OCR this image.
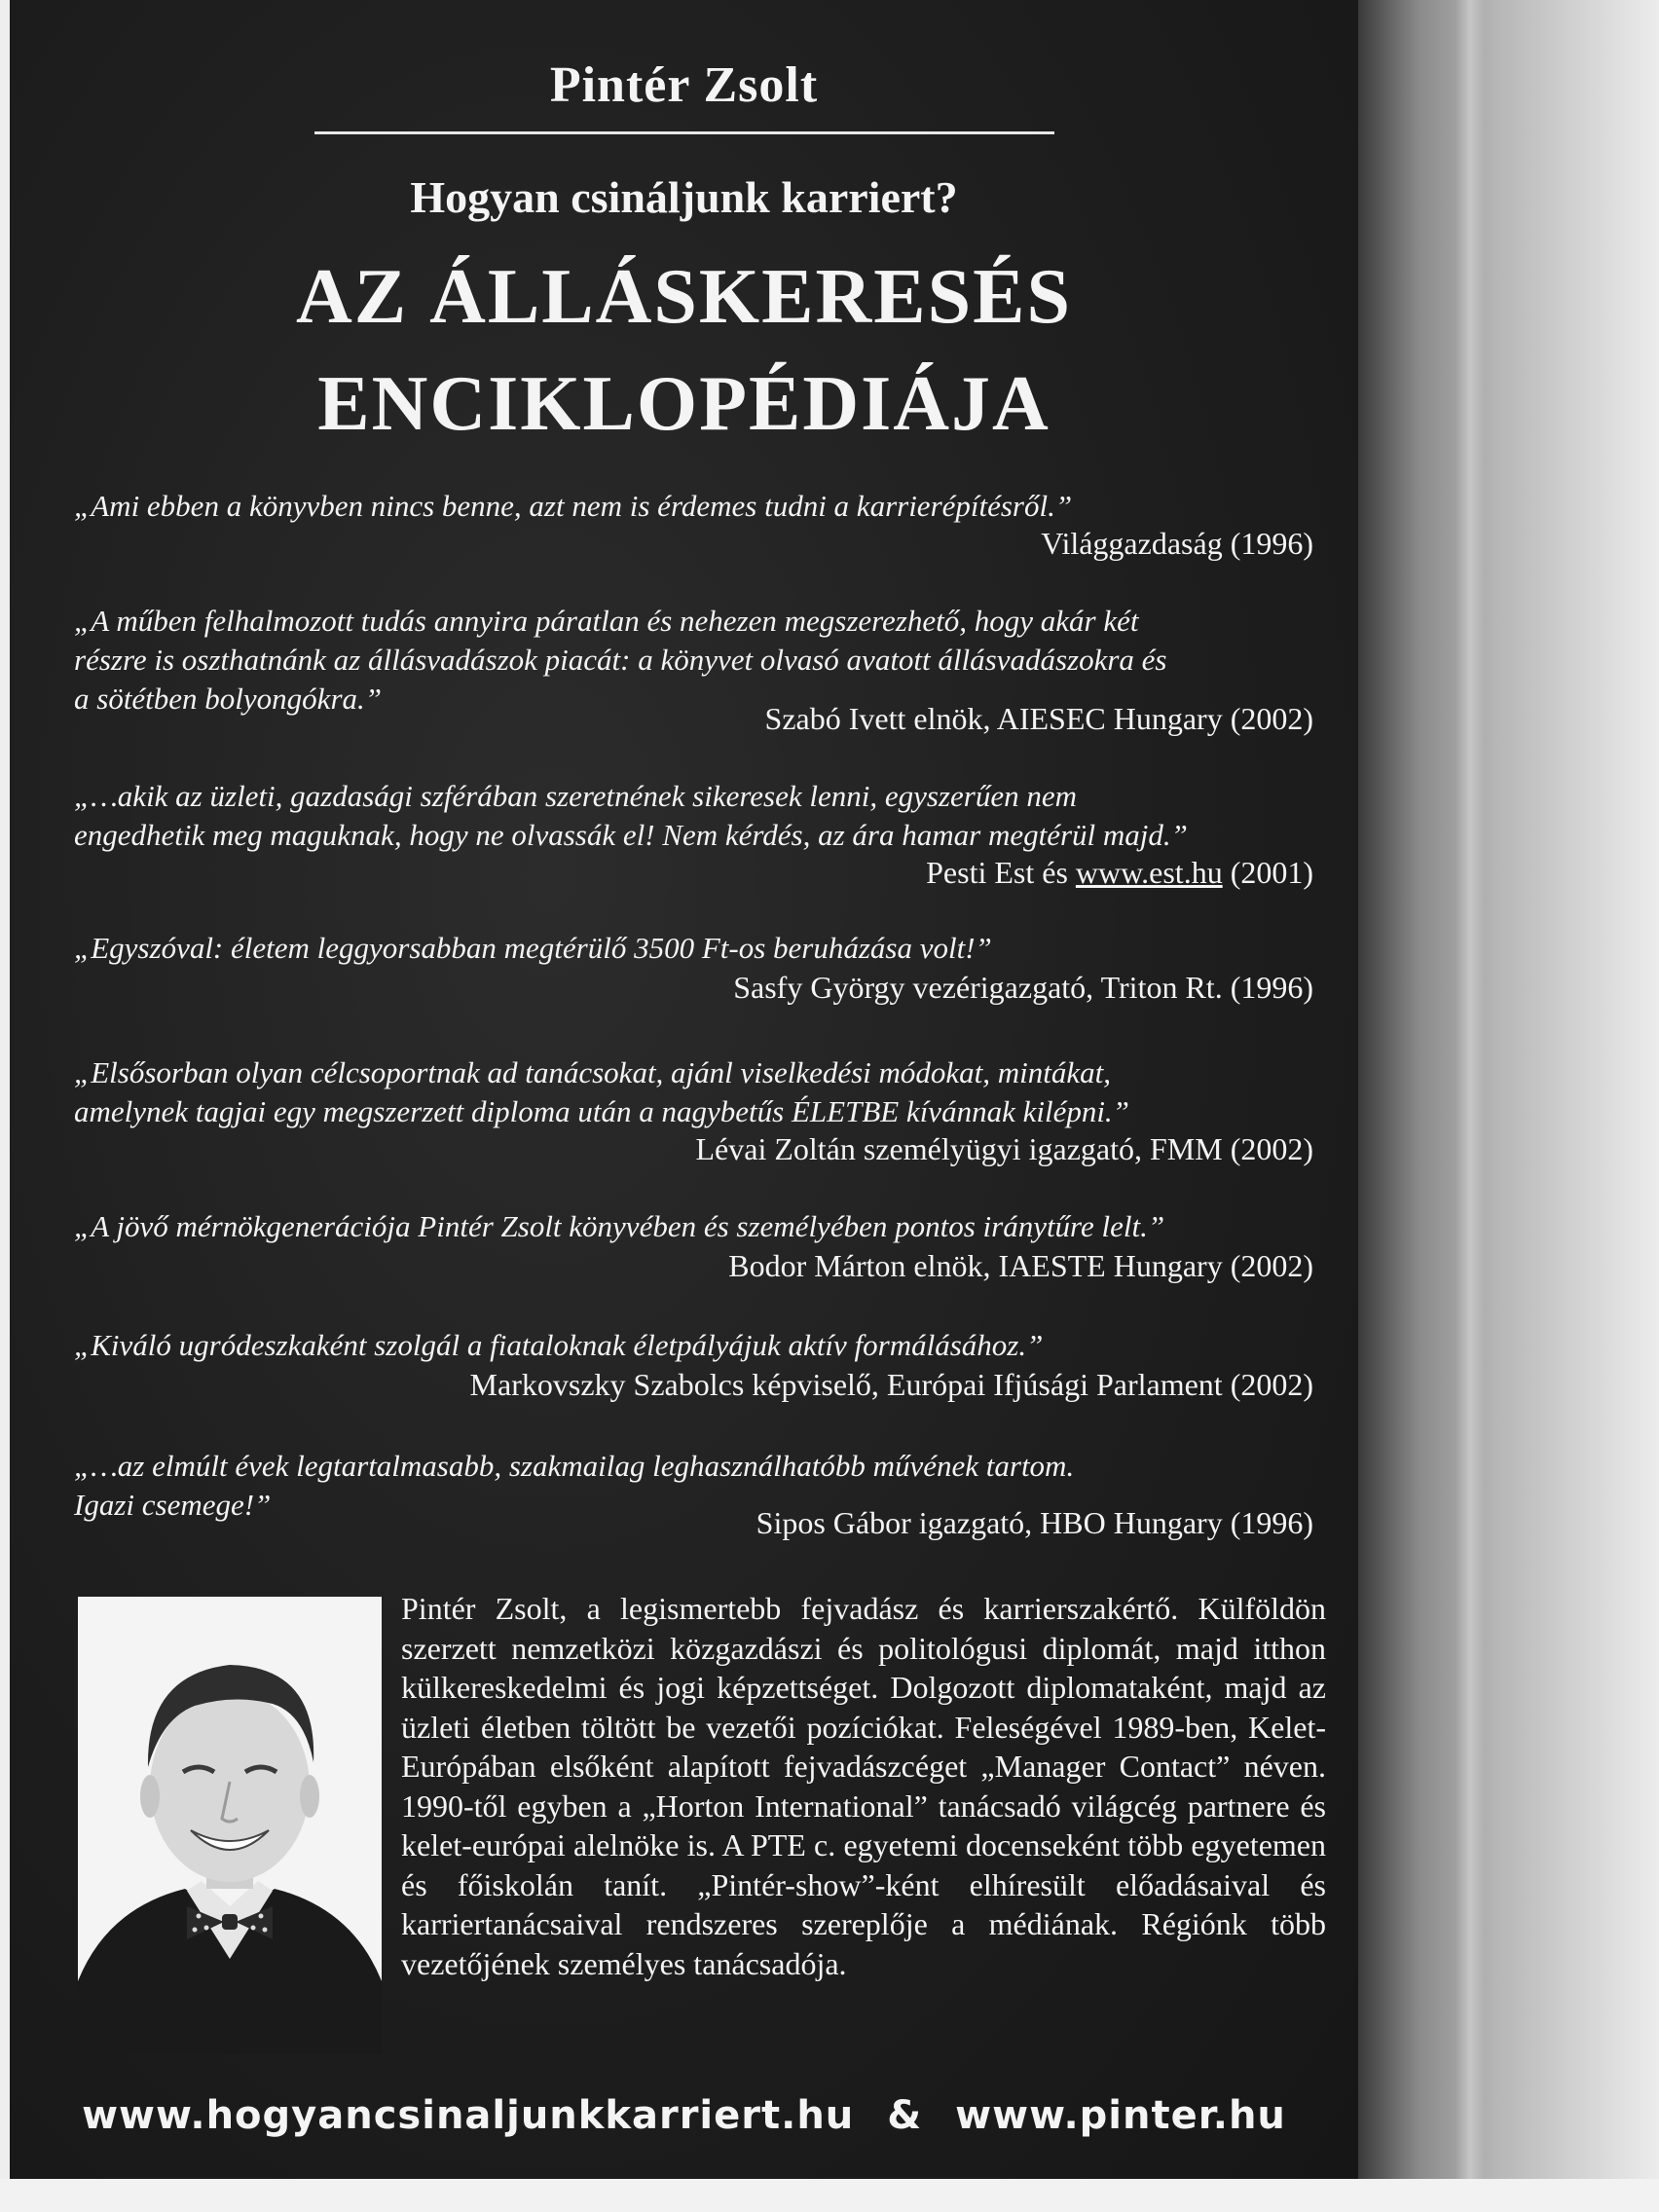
Pintér Zsolt
Hogyan csináljunk karriert?
AZ ÁLLÁSKERESÉS
ENCIKLOPÉDIÁJA
„Ami ebben a könyvben nincs benne, azt nem is érdemes tudni a karrierépítésről.”
Világgazdaság (1996)
„A műben felhalmozott tudás annyira páratlan és nehezen megszerezhető, hogy akár két
részre is oszthatnánk az állásvadászok piacát: a könyvet olvasó avatott állásvadászokra és
a sötétben bolyongókra.”
Szabó Ivett elnök, AIESEC Hungary (2002)
„…akik az üzleti, gazdasági szférában szeretnének sikeresek lenni, egyszerűen nem
engedhetik meg maguknak, hogy ne olvassák el! Nem kérdés, az ára hamar megtérül majd.”
Pesti Est és www.est.hu (2001)
„Egyszóval: életem leggyorsabban megtérülő 3500 Ft-os beruházása volt!”
Sasfy György vezérigazgató, Triton Rt. (1996)
„Elsősorban olyan célcsoportnak ad tanácsokat, ajánl viselkedési módokat, mintákat,
amelynek tagjai egy megszerzett diploma után a nagybetűs ÉLETBE kívánnak kilépni.”
Lévai Zoltán személyügyi igazgató, FMM (2002)
„A jövő mérnökgenerációja Pintér Zsolt könyvében és személyében pontos iránytűre lelt.”
Bodor Márton elnök, IAESTE Hungary (2002)
„Kiváló ugródeszkaként szolgál a fiataloknak életpályájuk aktív formálásához.”
Markovszky Szabolcs képviselő, Európai Ifjúsági Parlament (2002)
„…az elmúlt évek legtartalmasabb, szakmailag leghasználhatóbb művének tartom.
Igazi csemege!”
Sipos Gábor igazgató, HBO Hungary (1996)
Pintér Zsolt, a legismertebb fejvadász és karrierszakértő. Külföldön szerzett nemzetközi közgazdászi és politológusi diplomát, majd itthon külkereskedelmi és jogi képzettséget. Dolgozott diplomataként, majd az üzleti életben töltött be vezetői pozíciókat. Feleségével 1989-ben, Kelet-Európában elsőként alapított fejvadászcéget „Manager Contact” néven. 1990-től egyben a „Horton International” tanácsadó világcég partnere és kelet-európai alelnöke is. A PTE c. egyetemi docenseként több egyetemen és főiskolán tanít. „Pintér-show”-ként elhíresült előadásaival és karriertanácsaival rendszeres szereplője a médiának. Régiónk több vezetőjének személyes tanácsadója.
www.hogyancsinaljunkkarriert.hu & www.pinter.hu
